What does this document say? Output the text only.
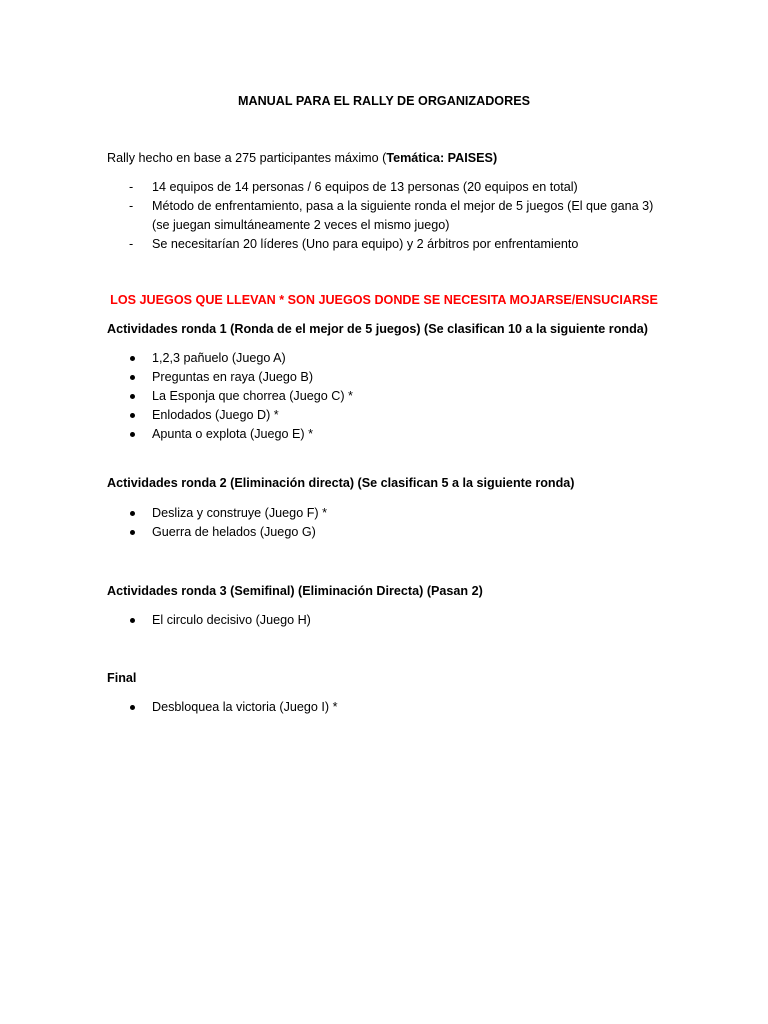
MANUAL PARA EL RALLY DE ORGANIZADORES
Rally hecho en base a 275 participantes máximo (Temática: PAISES)
- 14 equipos de 14 personas / 6 equipos de 13 personas (20 equipos en total)
- Método de enfrentamiento, pasa a la siguiente ronda el mejor de 5 juegos (El que gana 3) (se juegan simultáneamente 2 veces el mismo juego)
- Se necesitarían 20 líderes (Uno para equipo) y 2 árbitros por enfrentamiento
LOS JUEGOS QUE LLEVAN * SON JUEGOS DONDE SE NECESITA MOJARSE/ENSUCIARSE
Actividades ronda 1 (Ronda de el mejor de 5 juegos) (Se clasifican 10 a la siguiente ronda)
1,2,3 pañuelo (Juego A)
Preguntas en raya (Juego B)
La Esponja que chorrea (Juego C) *
Enlodados (Juego D) *
Apunta o explota (Juego E) *
Actividades ronda 2 (Eliminación directa) (Se clasifican 5 a la siguiente ronda)
Desliza y construye (Juego F) *
Guerra de helados (Juego G)
Actividades ronda 3 (Semifinal) (Eliminación Directa) (Pasan 2)
El circulo decisivo (Juego H)
Final
Desbloquea la victoria (Juego I) *
